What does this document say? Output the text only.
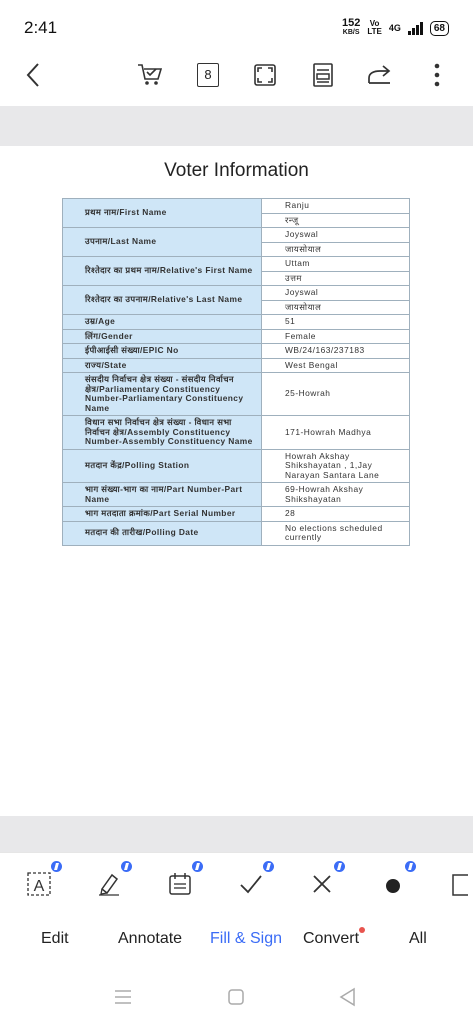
2:41	152
KB/S
Vo
LTE 4G	68
8
Voter Information
प्रथम नाम/First Name	Ranju
	रन्जू
उपनाम/Last Name	Joyswal
	जायसोयाल
रिश्तेदार का प्रथम नाम/Relative's First Name	Uttam
	उत्तम
रिश्तेदार का उपनाम/Relative's Last Name	Joyswal
	जायसोयाल
उम्र/Age	51
लिंग/Gender	Female
ईपीआईसी संख्या/EPIC No	WB/24/163/237183
राज्य/State	West Bengal
संसदीय निर्वाचन क्षेत्र संख्या - संसदीय निर्वाचन क्षेत्र/Parliamentary Constituency Number-Parliamentary Constituency Name	25-Howrah
विधान सभा निर्वाचन क्षेत्र संख्या - विधान सभा निर्वाचन क्षेत्र/Assembly Constituency Number-Assembly Constituency Name	171-Howrah Madhya
मतदान केंद्र/Polling Station	Howrah Akshay Shikshayatan , 1,Jay Narayan Santara Lane
भाग संख्या-भाग का नाम/Part Number-Part Name	69-Howrah Akshay Shikshayatan
भाग मतदाता क्रमांक/Part Serial Number	28
मतदान की तारीख/Polling Date	No elections scheduled currently
A
Edit	Annotate Fill & Sign Convert	All
